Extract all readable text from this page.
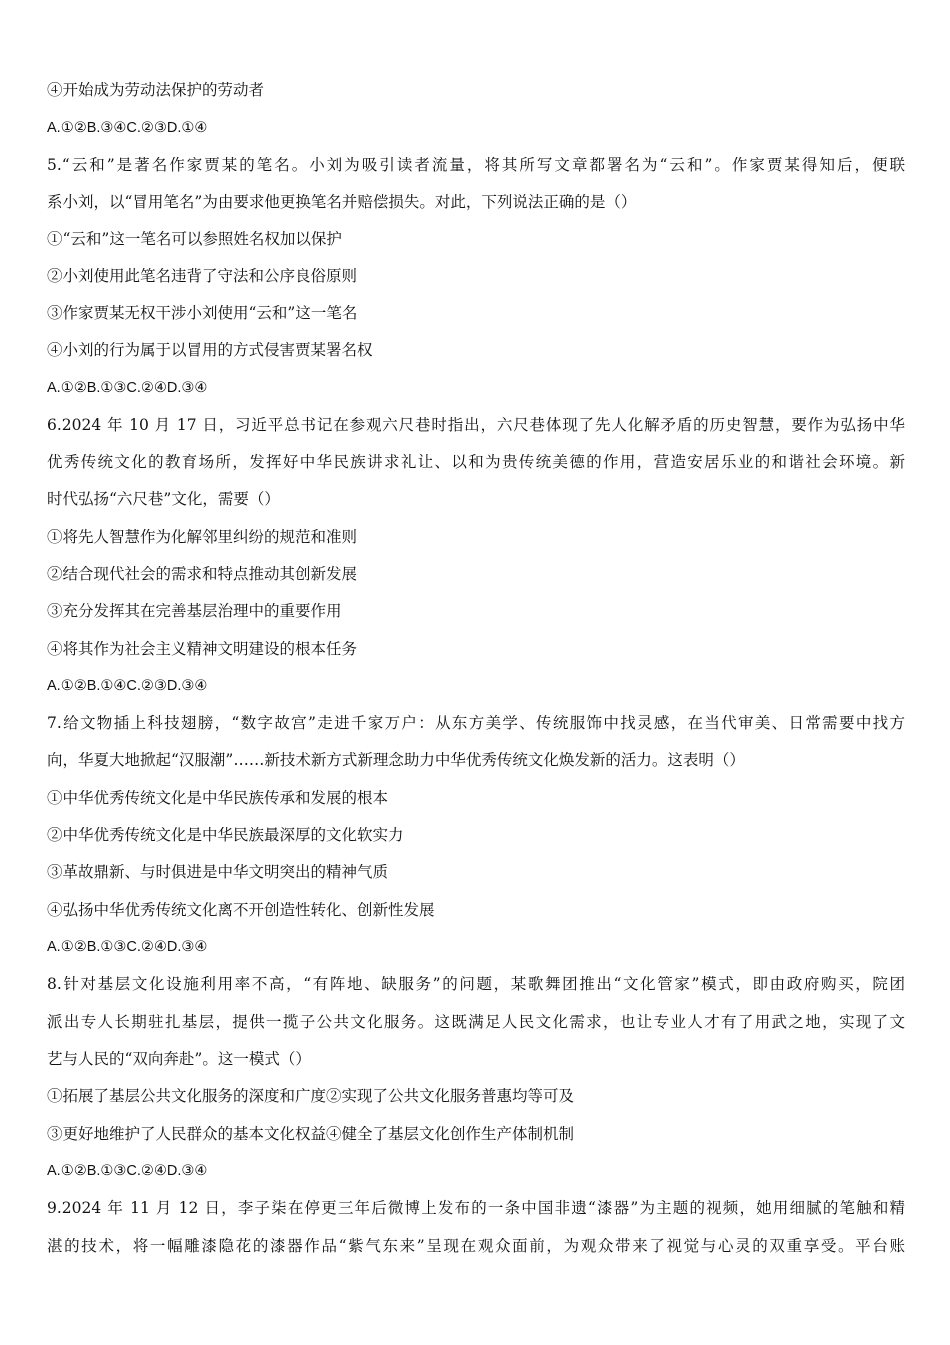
④开始成为劳动法保护的劳动者
A.①②B.③④C.②③D.①④
5.“云和”是著名作家贾某的笔名。小刘为吸引读者流量，将其所写文章都署名为“云和”。作家贾某得知后，便联
系小刘，以“冒用笔名”为由要求他更换笔名并赔偿损失。对此，下列说法正确的是（）
①“云和”这一笔名可以参照姓名权加以保护
②小刘使用此笔名违背了守法和公序良俗原则
③作家贾某无权干涉小刘使用“云和”这一笔名
④小刘的行为属于以冒用的方式侵害贾某署名权
A.①②B.①③C.②④D.③④
6.2024 年 10 月 17 日，习近平总书记在参观六尺巷时指出，六尺巷体现了先人化解矛盾的历史智慧，要作为弘扬中华
优秀传统文化的教育场所，发挥好中华民族讲求礼让、以和为贵传统美德的作用，营造安居乐业的和谐社会环境。新
时代弘扬“六尺巷”文化，需要（）
①将先人智慧作为化解邻里纠纷的规范和准则
②结合现代社会的需求和特点推动其创新发展
③充分发挥其在完善基层治理中的重要作用
④将其作为社会主义精神文明建设的根本任务
A.①②B.①④C.②③D.③④
7.给文物插上科技翅膀，“数字故宫”走进千家万户：从东方美学、传统服饰中找灵感，在当代审美、日常需要中找方
向，华夏大地掀起“汉服潮”……新技术新方式新理念助力中华优秀传统文化焕发新的活力。这表明（）
①中华优秀传统文化是中华民族传承和发展的根本
②中华优秀传统文化是中华民族最深厚的文化软实力
③革故鼎新、与时俱进是中华文明突出的精神气质
④弘扬中华优秀传统文化离不开创造性转化、创新性发展
A.①②B.①③C.②④D.③④
8.针对基层文化设施利用率不高，“有阵地、缺服务”的问题，某歌舞团推出“文化管家”模式，即由政府购买，院团
派出专人长期驻扎基层，提供一揽子公共文化服务。这既满足人民文化需求，也让专业人才有了用武之地，实现了文
艺与人民的“双向奔赴”。这一模式（）
①拓展了基层公共文化服务的深度和广度②实现了公共文化服务普惠均等可及
③更好地维护了人民群众的基本文化权益④健全了基层文化创作生产体制机制
A.①②B.①③C.②④D.③④
9.2024 年 11 月 12 日，李子柒在停更三年后微博上发布的一条中国非遗“漆器”为主题的视频，她用细腻的笔触和精
湛的技术，将一幅雕漆隐花的漆器作品“紫气东来”呈现在观众面前，为观众带来了视觉与心灵的双重享受。平台账
